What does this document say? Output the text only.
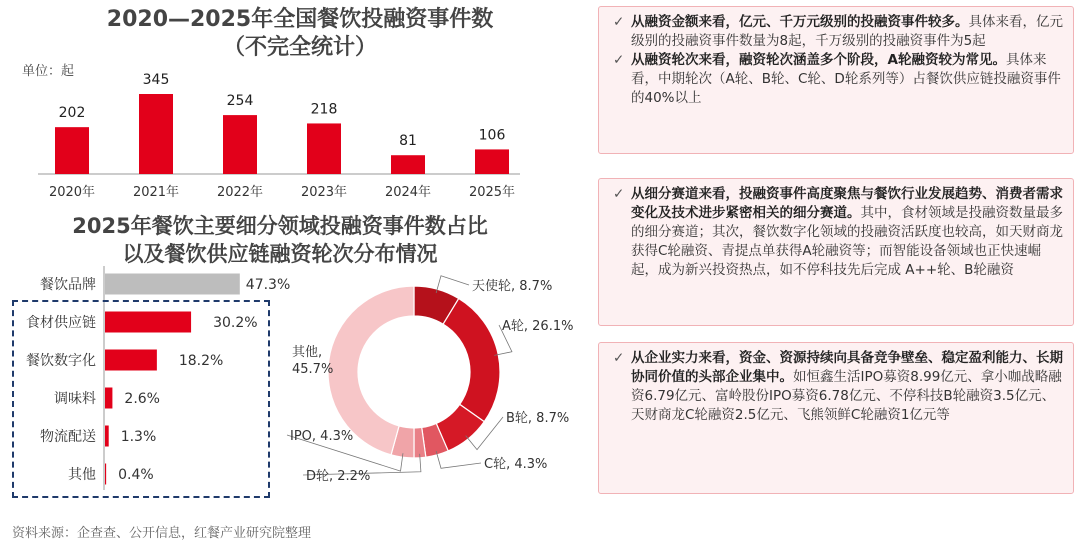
2020—2025年全国餐饮投融资事件数
（不完全统计）
单位：起
202
2020年
345
2021年
254
2022年
218
2023年
81
2024年
106
2025年
2025年餐饮主要细分领域投融资事件数占比
以及餐饮供应链融资轮次分布情况
餐饮品牌	47.3%
食材供应链	30.2%
餐饮数字化	18.2%
调味料 2.6%
物流配送 1.3%
其他 0.4%
天使轮, 8.7%
A轮, 26.1%
B轮, 8.7%
C轮, 4.3%
D轮, 2.2%
IPO, 4.3%
其他,
45.7%
✓ 从融资金额来看，亿元、千万元级别的投融资事件较多。具体来看，亿元级别的投融资事件数量为8起，千万级别的投融资事件为5起
✓ 从融资轮次来看，融资轮次涵盖多个阶段，A轮融资较为常见。具体来看，中期轮次（A轮、B轮、C轮、D轮系列等）占餐饮供应链投融资事件的40%以上
✓ 从细分赛道来看，投融资事件高度聚焦与餐饮行业发展趋势、消费者需求变化及技术进步紧密相关的细分赛道。其中，食材领域是投融资数量最多的细分赛道；其次，餐饮数字化领域的投融资活跃度也较高，如天财商龙获得C轮融资、青提点单获得A轮融资等；而智能设备领域也正快速崛起，成为新兴投资热点，如不停科技先后完成 A++轮、B轮融资
✓ 从企业实力来看，资金、资源持续向具备竞争壁垒、稳定盈利能力、长期协同价值的头部企业集中。如恒鑫生活IPO募资8.99亿元、拿小咖战略融资6.79亿元、富岭股份IPO募资6.78亿元、不停科技B轮融资3.5亿元、天财商龙C轮融资2.5亿元、飞熊领鲜C轮融资1亿元等
资料来源：企查查、公开信息，红餐产业研究院整理
